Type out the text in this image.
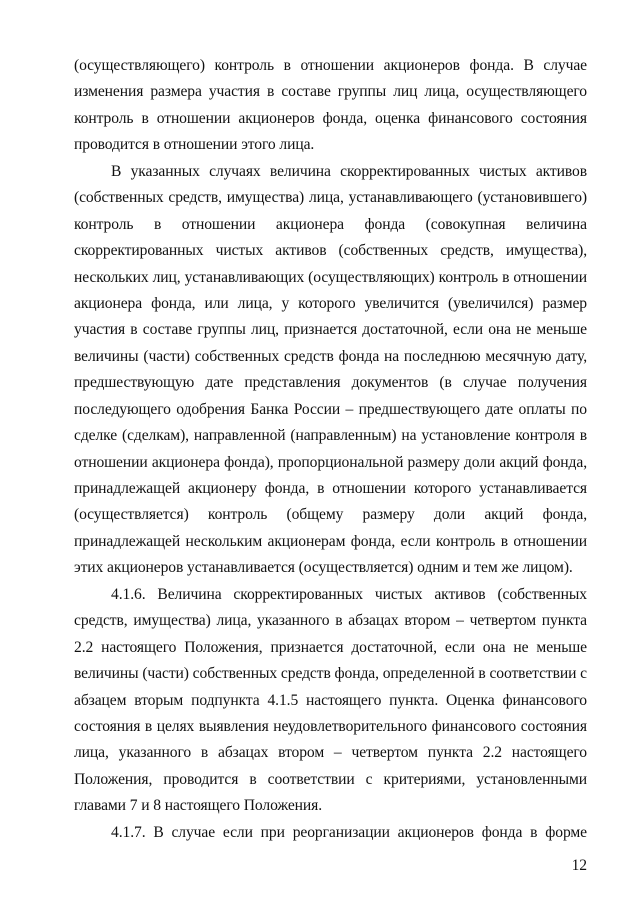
(осуществляющего) контроль в отношении акционеров фонда. В случае
изменения размера участия в составе группы лиц лица, осуществляющего
контроль в отношении акционеров фонда, оценка финансового состояния
проводится в отношении этого лица.

В указанных случаях величина скорректированных чистых активов
(собственных средств, имущества) лица, устанавливающего (установившего)
контроль в отношении акционера фонда (совокупная величина
скорректированных чистых активов (собственных средств, имущества),
нескольких лиц, устанавливающих (осуществляющих) контроль в отношении
акционера фонда, или лица, у которого увеличится (увеличился) размер
участия в составе группы лиц, признается достаточной, если она не меньше
величины (части) собственных средств фонда на последнюю месячную дату,
предшествующую дате представления документов (в случае получения
последующего одобрения Банка России – предшествующего дате оплаты по
сделке (сделкам), направленной (направленным) на установление контроля в
отношении акционера фонда), пропорциональной размеру доли акций фонда,
принадлежащей акционеру фонда, в отношении которого устанавливается
(осуществляется) контроль (общему размеру доли акций фонда,
принадлежащей нескольким акционерам фонда, если контроль в отношении
этих акционеров устанавливается (осуществляется) одним и тем же лицом).

4.1.6. Величина скорректированных чистых активов (собственных
средств, имущества) лица, указанного в абзацах втором – четвертом пункта
2.2 настоящего Положения, признается достаточной, если она не меньше
величины (части) собственных средств фонда, определенной в соответствии с
абзацем вторым подпункта 4.1.5 настоящего пункта. Оценка финансового
состояния в целях выявления неудовлетворительного финансового состояния
лица, указанного в абзацах втором – четвертом пункта 2.2 настоящего
Положения, проводится в соответствии с критериями, установленными
главами 7 и 8 настоящего Положения.

4.1.7. В случае если при реорганизации акционеров фонда в форме

12
